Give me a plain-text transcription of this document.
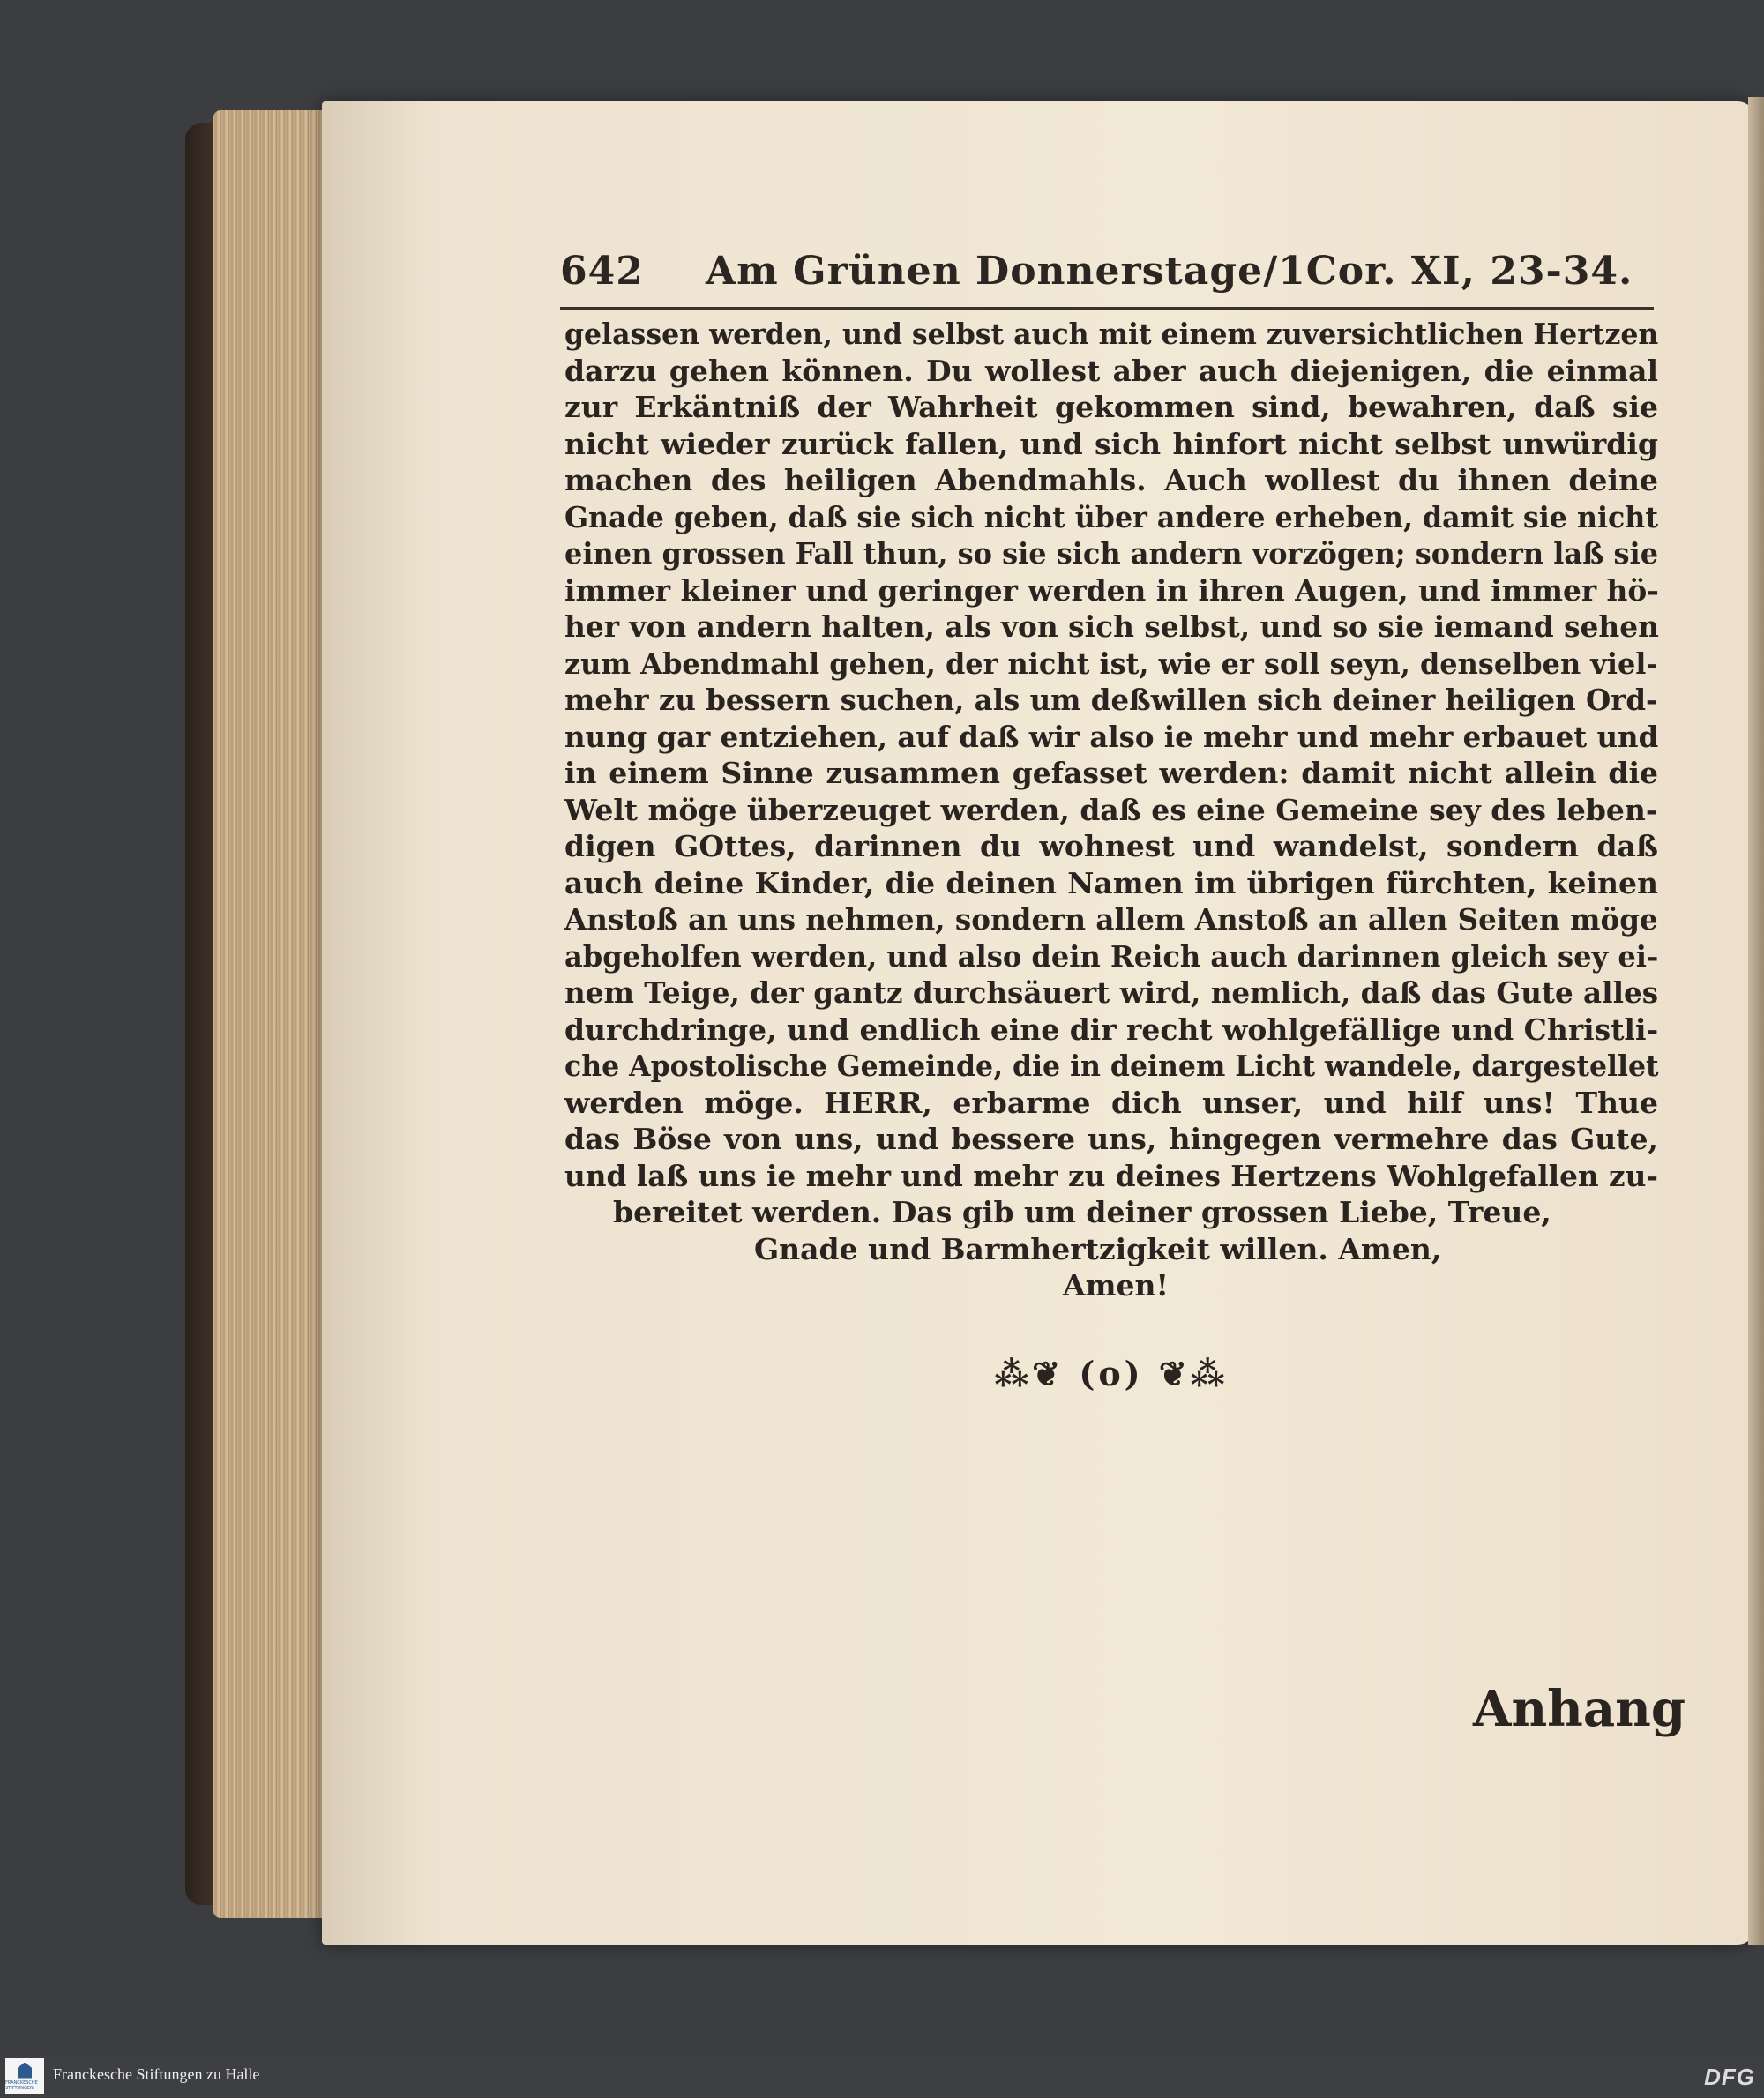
642 Am Grünen Donnerstage/1Cor. XI, 23-34.
gelassen werden, und selbst auch mit einem zuversichtlichen Hertzen
darzu gehen können. Du wollest aber auch diejenigen, die einmal
zur Erkäntniß der Wahrheit gekommen sind, bewahren, daß sie
nicht wieder zurück fallen, und sich hinfort nicht selbst unwürdig
machen des heiligen Abendmahls. Auch wollest du ihnen deine
Gnade geben, daß sie sich nicht über andere erheben, damit sie nicht
einen grossen Fall thun, so sie sich andern vorzögen; sondern laß sie
immer kleiner und geringer werden in ihren Augen, und immer hö-
her von andern halten, als von sich selbst, und so sie iemand sehen
zum Abendmahl gehen, der nicht ist, wie er soll seyn, denselben viel-
mehr zu bessern suchen, als um deßwillen sich deiner heiligen Ord-
nung gar entziehen, auf daß wir also ie mehr und mehr erbauet und
in einem Sinne zusammen gefasset werden: damit nicht allein die
Welt möge überzeuget werden, daß es eine Gemeine sey des leben-
digen GOttes, darinnen du wohnest und wandelst, sondern daß
auch deine Kinder, die deinen Namen im übrigen fürchten, keinen
Anstoß an uns nehmen, sondern allem Anstoß an allen Seiten möge
abgeholfen werden, und also dein Reich auch darinnen gleich sey ei-
nem Teige, der gantz durchsäuert wird, nemlich, daß das Gute alles
durchdringe, und endlich eine dir recht wohlgefällige und Christli-
che Apostolische Gemeinde, die in deinem Licht wandele, dargestellet
werden möge. HERR, erbarme dich unser, und hilf uns! Thue
das Böse von uns, und bessere uns, hingegen vermehre das Gute,
und laß uns ie mehr und mehr zu deines Hertzens Wohlgefallen zu-
bereitet werden. Das gib um deiner grossen Liebe, Treue,
Gnade und Barmhertzigkeit willen. Amen,
Amen!
⁂❦ (o) ❦⁂
Anhang
FRANCKESCHE STIFTUNGEN
Franckesche Stiftungen zu Halle	DFG
